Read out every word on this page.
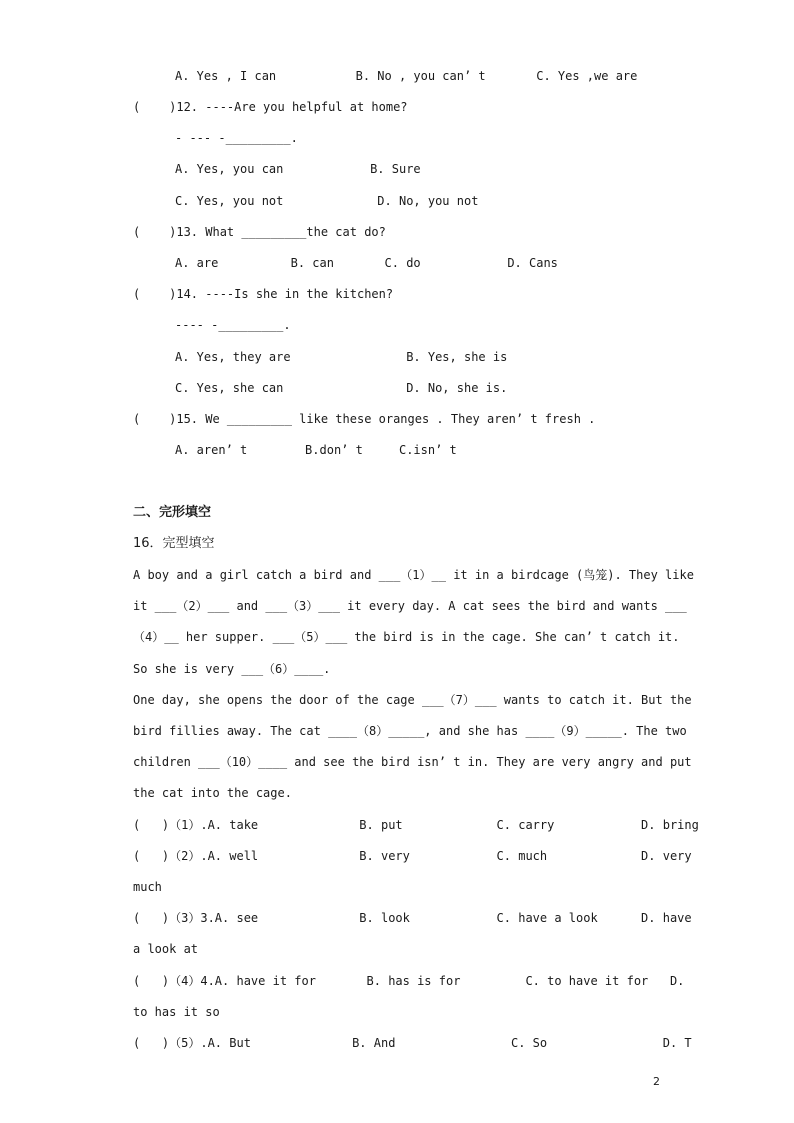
A. Yes , I can           B. No , you can’ t       C. Yes ,we are
(    )12. ----Are you helpful at home?
- --- -_________.
A. Yes, you can            B. Sure
C. Yes, you not             D. No, you not
(    )13. What _________the cat do?
A. are          B. can       C. do            D. Cans
(    )14. ----Is she in the kitchen?
---- -_________.
A. Yes, they are                B. Yes, she is
C. Yes, she can                 D. No, she is.
(    )15. We _________ like these oranges . They aren’ t fresh .
A. aren’ t        B.don’ t     C.isn’ t
二、完形填空
16．完型填空
A boy and a girl catch a bird and ___（1）__ it in a birdcage (鸟笼). They like
it ___（2）___ and ___（3）___ it every day. A cat sees the bird and wants ___
（4）__ her supper. ___（5）___ the bird is in the cage. She can’ t catch it.
So she is very ___（6）____.
One day, she opens the door of the cage ___（7）___ wants to catch it. But the
bird fillies away. The cat ____（8）_____, and she has ____（9）_____. The two
children ___（10）____ and see the bird isn’ t in. They are very angry and put
the cat into the cage.
(   )（1）.A. take              B. put             C. carry            D. bring
(   )（2）.A. well              B. very            C. much             D. very
much
(   )（3）3.A. see              B. look            C. have a look      D. have
a look at
(   )（4）4.A. have it for       B. has is for         C. to have it for   D.
to has it so
(   )（5）.A. But              B. And                C. So                D. T
2
